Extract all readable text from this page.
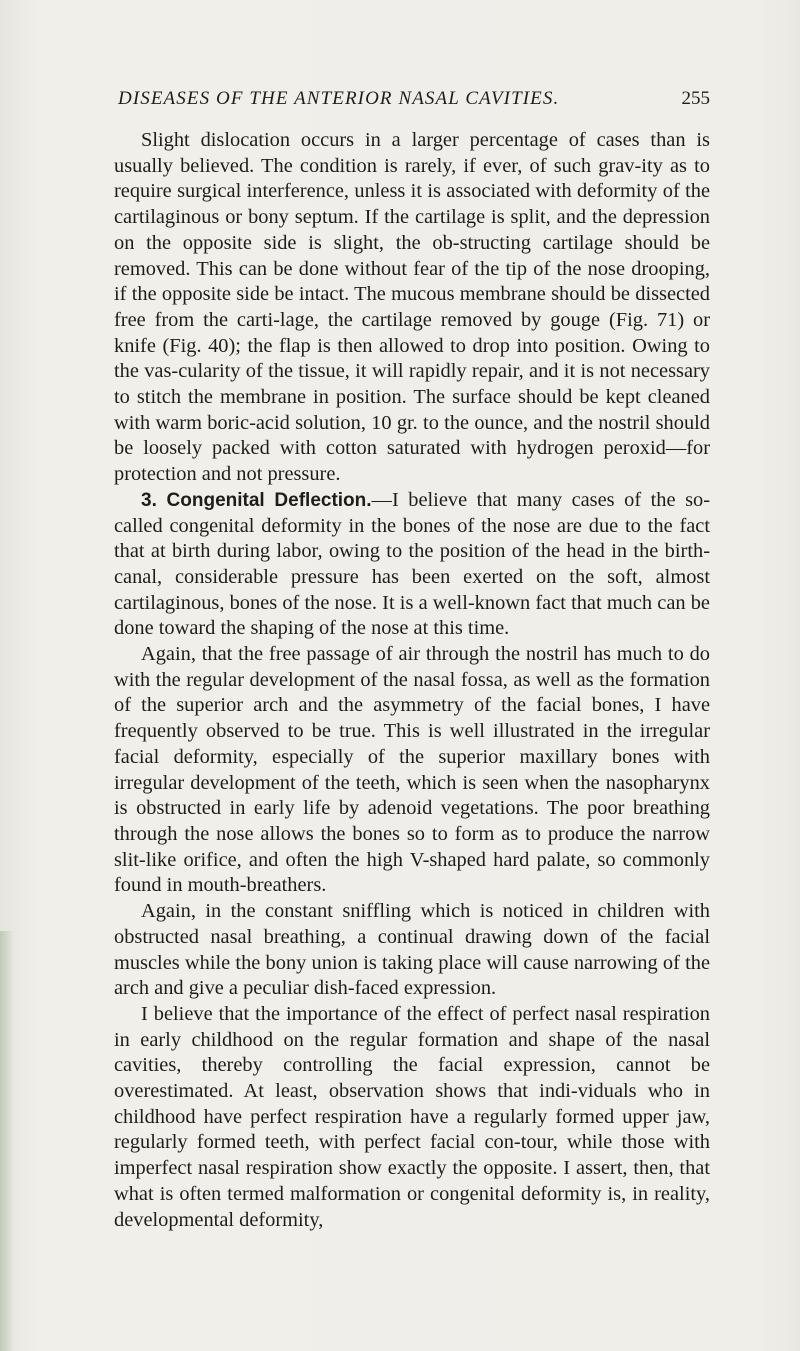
DISEASES OF THE ANTERIOR NASAL CAVITIES.	255

Slight dislocation occurs in a larger percentage of cases than is usually believed. The condition is rarely, if ever, of such grav-ity as to require surgical interference, unless it is associated with deformity of the cartilaginous or bony septum. If the cartilage is split, and the depression on the opposite side is slight, the ob-structing cartilage should be removed. This can be done without fear of the tip of the nose drooping, if the opposite side be intact. The mucous membrane should be dissected free from the carti-lage, the cartilage removed by gouge (Fig. 71) or knife (Fig. 40); the flap is then allowed to drop into position. Owing to the vas-cularity of the tissue, it will rapidly repair, and it is not necessary to stitch the membrane in position. The surface should be kept cleaned with warm boric-acid solution, 10 gr. to the ounce, and the nostril should be loosely packed with cotton saturated with hydrogen peroxid—for protection and not pressure.

3. Congenital Deflection.—I believe that many cases of the so-called congenital deformity in the bones of the nose are due to the fact that at birth during labor, owing to the position of the head in the birth-canal, considerable pressure has been exerted on the soft, almost cartilaginous, bones of the nose. It is a well-known fact that much can be done toward the shaping of the nose at this time.

Again, that the free passage of air through the nostril has much to do with the regular development of the nasal fossa, as well as the formation of the superior arch and the asymmetry of the facial bones, I have frequently observed to be true. This is well illustrated in the irregular facial deformity, especially of the superior maxillary bones with irregular development of the teeth, which is seen when the nasopharynx is obstructed in early life by adenoid vegetations. The poor breathing through the nose allows the bones so to form as to produce the narrow slit-like orifice, and often the high V-shaped hard palate, so commonly found in mouth-breathers.

Again, in the constant sniffling which is noticed in children with obstructed nasal breathing, a continual drawing down of the facial muscles while the bony union is taking place will cause narrowing of the arch and give a peculiar dish-faced expression.

I believe that the importance of the effect of perfect nasal respiration in early childhood on the regular formation and shape of the nasal cavities, thereby controlling the facial expression, cannot be overestimated. At least, observation shows that indi-viduals who in childhood have perfect respiration have a regularly formed upper jaw, regularly formed teeth, with perfect facial con-tour, while those with imperfect nasal respiration show exactly the opposite. I assert, then, that what is often termed malformation or congenital deformity is, in reality, developmental deformity,
